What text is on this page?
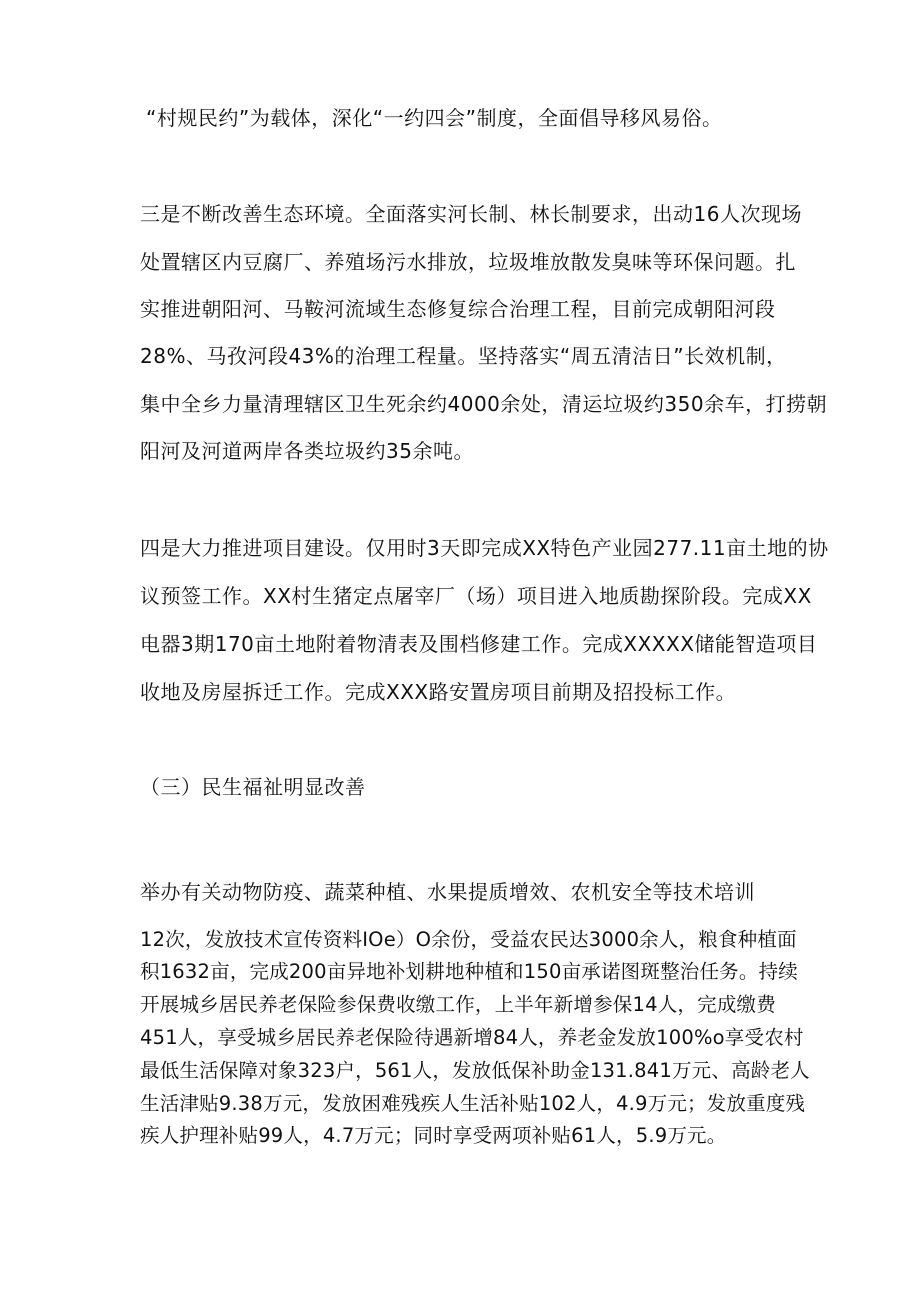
“村规民约”为载体，深化“一约四会”制度，全面倡导移风易俗。
三是不断改善生态环境。全面落实河长制、林长制要求，出动16人次现场
处置辖区内豆腐厂、养殖场污水排放，垃圾堆放散发臭味等环保问题。扎
实推进朝阳河、马鞍河流域生态修复综合治理工程，目前完成朝阳河段
28%、马孜河段43%的治理工程量。坚持落实“周五清洁日”长效机制，
集中全乡力量清理辖区卫生死余约4000余处，清运垃圾约350余车，打捞朝
阳河及河道两岸各类垃圾约35余吨。
四是大力推进项目建设。仅用时3天即完成XX特色产业园277.11亩土地的协
议预签工作。XX村生猪定点屠宰厂（场）项目进入地质勘探阶段。完成XX
电器3期170亩土地附着物清表及围档修建工作。完成XXXXX储能智造项目
收地及房屋拆迁工作。完成XXX路安置房项目前期及招投标工作。
（三）民生福祉明显改善
举办有关动物防疫、蔬菜种植、水果提质增效、农机安全等技术培训
12次，发放技术宣传资料IOe）O余份，受益农民达3000余人，粮食种植面
积1632亩，完成200亩异地补划耕地种植和150亩承诺图斑整治任务。持续
开展城乡居民养老保险参保费收缴工作，上半年新增参保14人，完成缴费
451人，享受城乡居民养老保险待遇新增84人，养老金发放100%o享受农村
最低生活保障对象323户，561人，发放低保补助金131.841万元、高龄老人
生活津贴9.38万元，发放困难残疾人生活补贴102人，4.9万元；发放重度残
疾人护理补贴99人，4.7万元；同时享受两项补贴61人，5.9万元。
